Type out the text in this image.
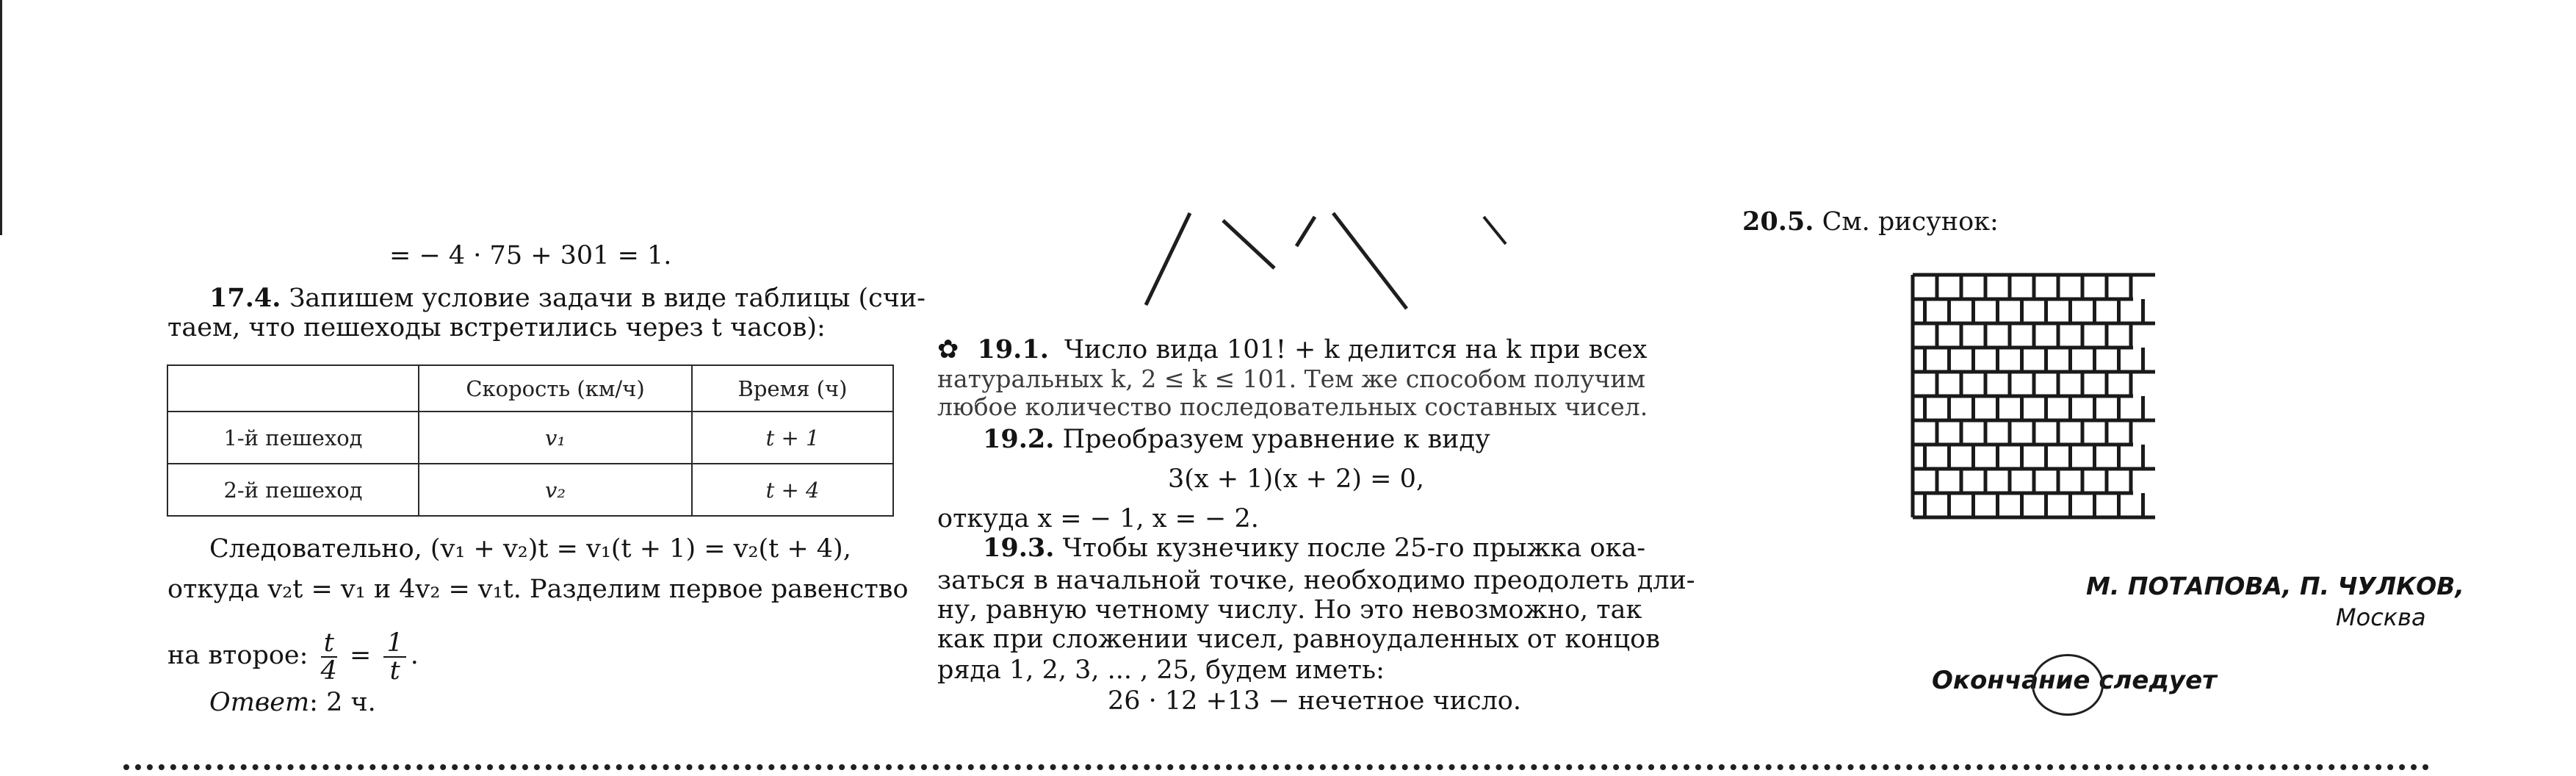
= − 4 · 75 + 301 = 1.
17.4. Запишем условие задачи в виде таблицы (счи-
таем, что пешеходы встретились через t часов):
	Скорость (км/ч)	Время (ч)
1-й пешеход	v₁	t + 1
2-й пешеход	v₂	t + 4
Следовательно, (v₁ + v₂)t = v₁(t + 1) = v₂(t + 4),
откуда v₂t = v₁ и 4v₂ = v₁t. Разделим первое равенство
на второе: $\frac{t}{4} = \frac{1}{t}$ .
Ответ: 2 ч.
✿ 19.1. Число вида 101! + k делится на k при всех
натуральных k, 2 ≤ k ≤ 101. Тем же способом получим
любое количество последовательных составных чисел.
19.2. Преобразуем уравнение к виду
3(x + 1)(x + 2) = 0,
откуда x = − 1, x = − 2.
19.3. Чтобы кузнечику после 25-го прыжка ока-
заться в начальной точке, необходимо преодолеть дли-
ну, равную четному числу. Но это невозможно, так
как при сложении чисел, равноудаленных от концов
ряда 1, 2, 3, ... , 25, будем иметь:
26 · 12 +13 − нечетное число.
20.5. См. рисунок:
М. ПОТАПОВА, П. ЧУЛКОВ,
Москва
Окончание следует
